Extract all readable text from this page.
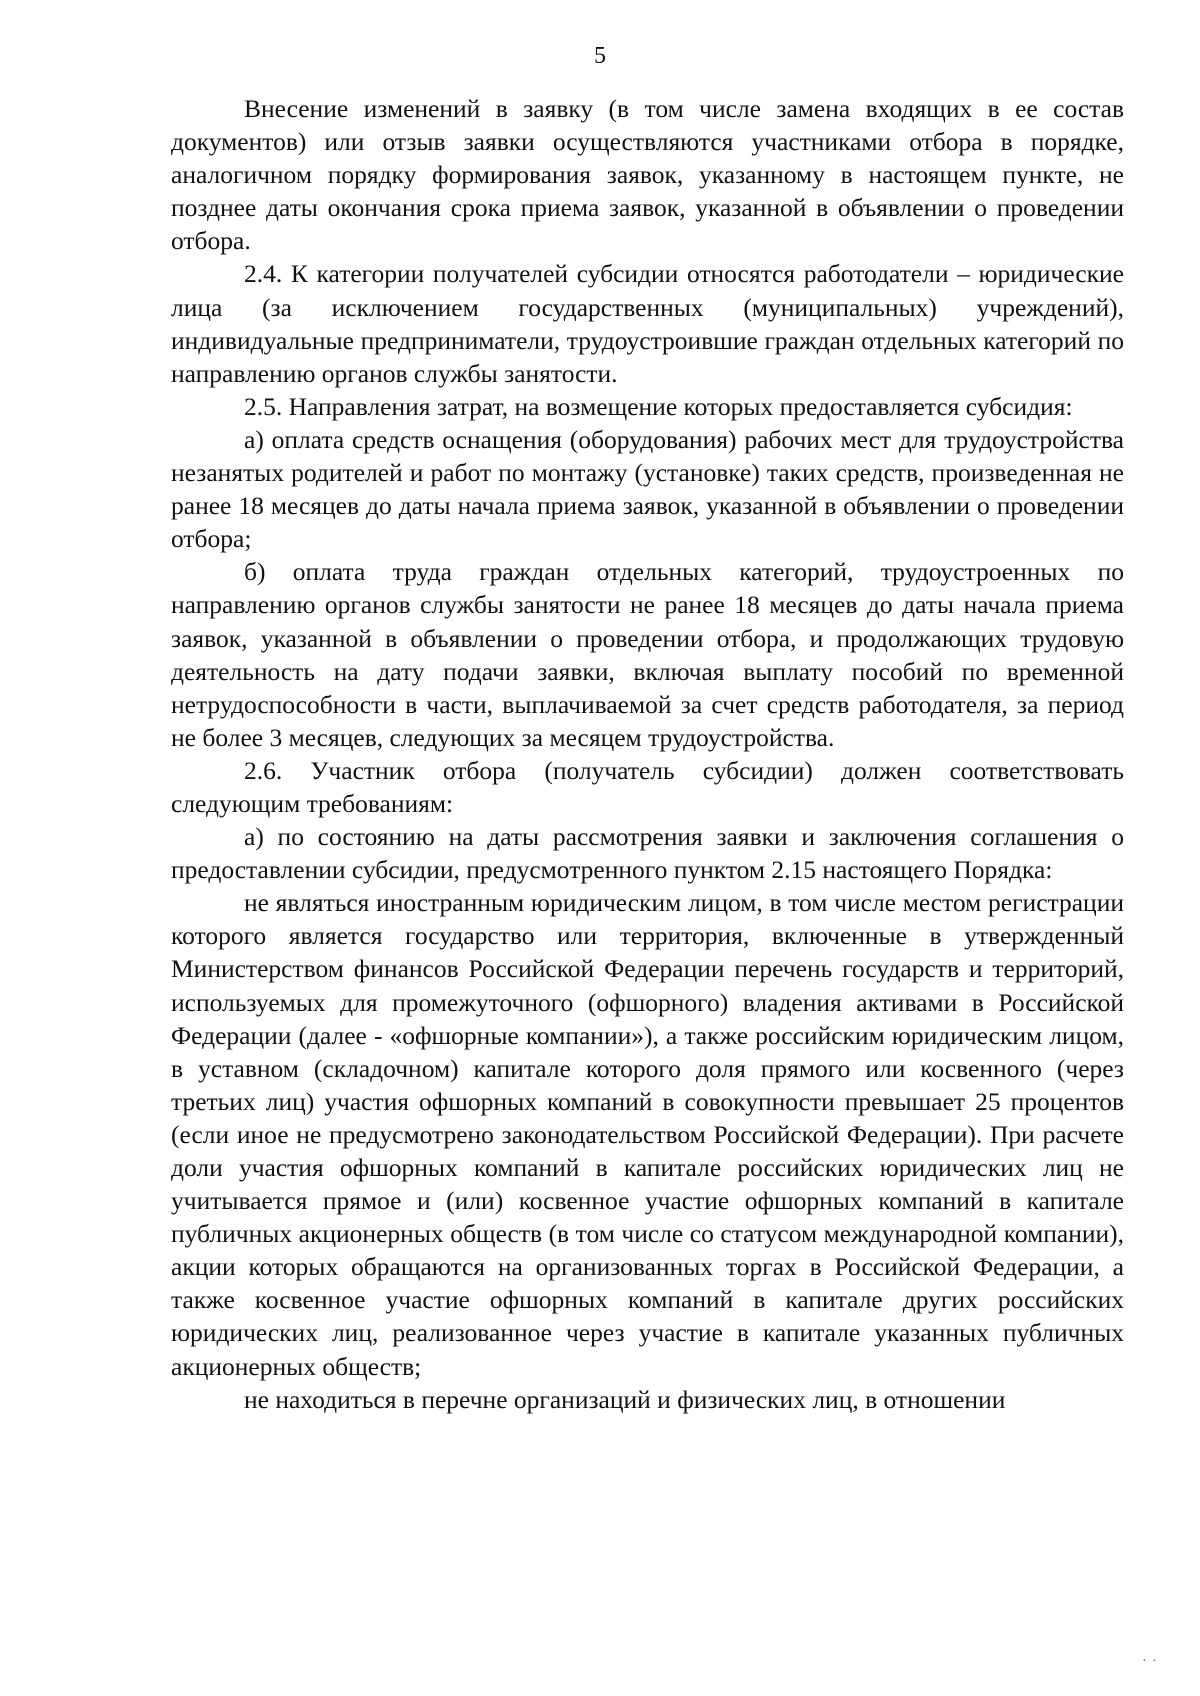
5

Внесение изменений в заявку (в том числе замена входящих в ее состав документов) или отзыв заявки осуществляются участниками отбора в порядке, аналогичном порядку формирования заявок, указанному в настоящем пункте, не позднее даты окончания срока приема заявок, указанной в объявлении о проведении отбора.

2.4. К категории получателей субсидии относятся работодатели – юридические лица (за исключением государственных (муниципальных) учреждений), индивидуальные предприниматели, трудоустроившие граждан отдельных категорий по направлению органов службы занятости.

2.5. Направления затрат, на возмещение которых предоставляется субсидия:

а) оплата средств оснащения (оборудования) рабочих мест для трудоустройства незанятых родителей и работ по монтажу (установке) таких средств, произведенная не ранее 18 месяцев до даты начала приема заявок, указанной в объявлении о проведении отбора;

б) оплата труда граждан отдельных категорий, трудоустроенных по направлению органов службы занятости не ранее 18 месяцев до даты начала приема заявок, указанной в объявлении о проведении отбора, и продолжающих трудовую деятельность на дату подачи заявки, включая выплату пособий по временной нетрудоспособности в части, выплачиваемой за счет средств работодателя, за период не более 3 месяцев, следующих за месяцем трудоустройства.

2.6. Участник отбора (получатель субсидии) должен соответствовать следующим требованиям:

а) по состоянию на даты рассмотрения заявки и заключения соглашения о предоставлении субсидии, предусмотренного пунктом 2.15 настоящего Порядка:

не являться иностранным юридическим лицом, в том числе местом регистрации которого является государство или территория, включенные в утвержденный Министерством финансов Российской Федерации перечень государств и территорий, используемых для промежуточного (офшорного) владения активами в Российской Федерации (далее - «офшорные компании»), а также российским юридическим лицом, в уставном (складочном) капитале которого доля прямого или косвенного (через третьих лиц) участия офшорных компаний в совокупности превышает 25 процентов (если иное не предусмотрено законодательством Российской Федерации). При расчете доли участия офшорных компаний в капитале российских юридических лиц не учитывается прямое и (или) косвенное участие офшорных компаний в капитале публичных акционерных обществ (в том числе со статусом международной компании), акции которых обращаются на организованных торгах в Российской Федерации, а также косвенное участие офшорных компаний в капитале других российских юридических лиц, реализованное через участие в капитале указанных публичных акционерных обществ;

не находиться в перечне организаций и физических лиц, в отношении

· ·
